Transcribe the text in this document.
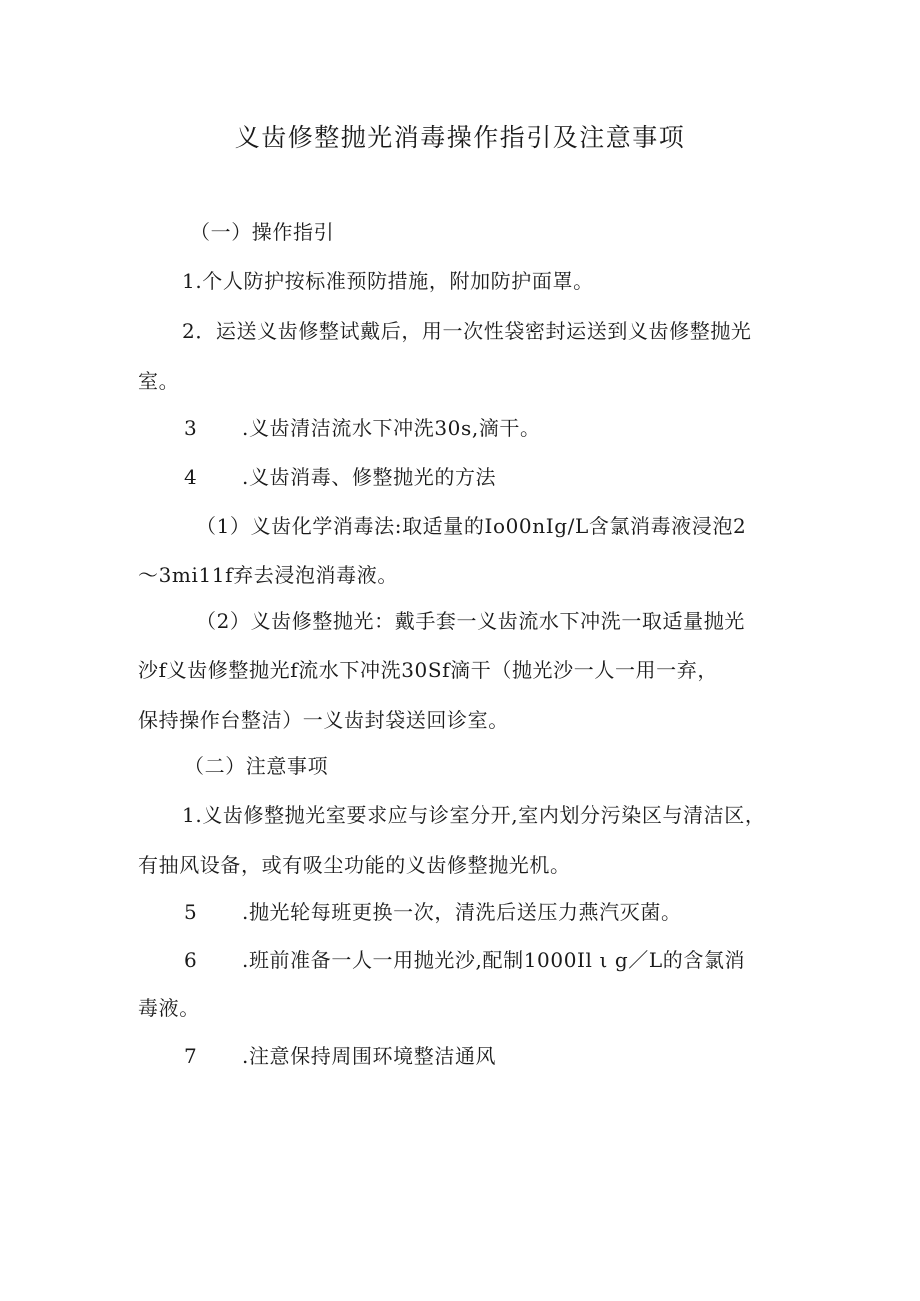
义齿修整抛光消毒操作指引及注意事项
（一）操作指引
1.个人防护按标准预防措施，附加防护面罩。
2．运送义齿修整试戴后，用一次性袋密封运送到义齿修整抛光
室。
3 .义齿清洁流水下冲洗30s,滴干。
4 .义齿消毒、修整抛光的方法
（1）义齿化学消毒法:取适量的Io00nIg/L含氯消毒液浸泡2
〜3mi11f弃去浸泡消毒液。
（2）义齿修整抛光：戴手套一义齿流水下冲洗一取适量抛光
沙f义齿修整抛光f流水下冲洗30Sf滴干（抛光沙一人一用一弃，
保持操作台整洁）一义齿封袋送回诊室。
（二）注意事项
1.义齿修整抛光室要求应与诊室分开,室内划分污染区与清洁区，
有抽风设备，或有吸尘功能的义齿修整抛光机。
5 .抛光轮每班更换一次，清洗后送压力燕汽灭菌。
6 .班前准备一人一用抛光沙,配制1000Il ι g／L的含氯消
毒液。
7 .注意保持周围环境整洁通风
